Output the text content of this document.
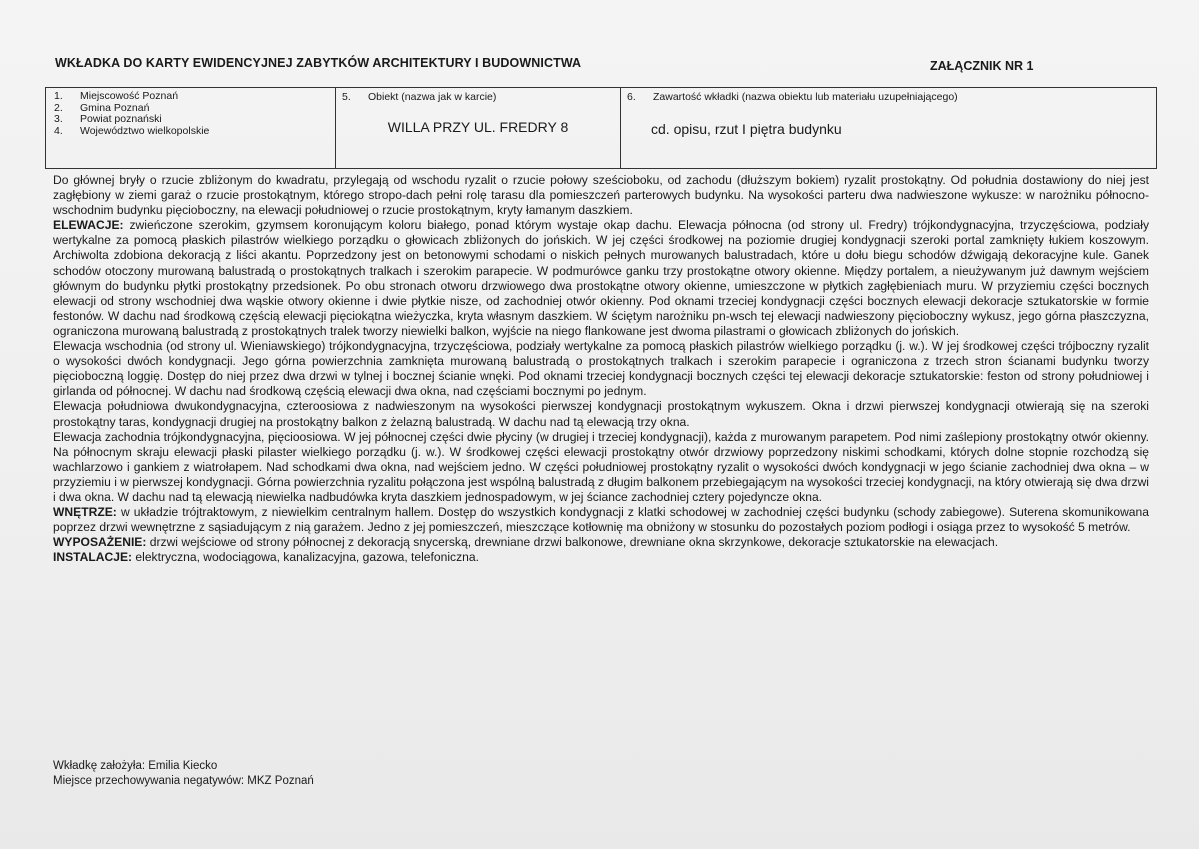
WKŁADKA DO KARTY EWIDENCYJNEJ ZABYTKÓW ARCHITEKTURY I BUDOWNICTWA	ZAŁĄCZNIK NR 1
1.	Miejscowość Poznań
2.	Gmina Poznań
3.	Powiat poznański
4.	Województwo wielkopolskie
5.	Obiekt (nazwa jak w karcie)
WILLA PRZY UL. FREDRY 8
6.	Zawartość wkładki (nazwa obiektu lub materiału uzupełniającego)
cd. opisu, rzut I piętra budynku

Do głównej bryły o rzucie zbliżonym do kwadratu, przylegają od wschodu ryzalit o rzucie połowy sześcioboku, od zachodu (dłuższym bokiem) ryzalit prostokątny. Od południa dostawiony do niej jest zagłębiony w ziemi garaż o rzucie prostokątnym, którego stropo-dach pełni rolę tarasu dla pomieszczeń parterowych budynku. Na wysokości parteru dwa nadwieszone wykusze: w narożniku północno-wschodnim budynku pięcioboczny, na elewacji południowej o rzucie prostokątnym, kryty łamanym daszkiem.

ELEWACJE: zwieńczone szerokim, gzymsem koronującym koloru białego, ponad którym wystaje okap dachu. Elewacja północna (od strony ul. Fredry) trójkondygnacyjna, trzyczęściowa, podziały wertykalne za pomocą płaskich pilastrów wielkiego porządku o głowicach zbliżonych do jońskich. W jej części środkowej na poziomie drugiej kondygnacji szeroki portal zamknięty łukiem koszowym. Archiwolta zdobiona dekoracją z liści akantu. Poprzedzony jest on betonowymi schodami o niskich pełnych murowanych balustradach, które u dołu biegu schodów dźwigają dekoracyjne kule. Ganek schodów otoczony murowaną balustradą o prostokątnych tralkach i szerokim parapecie. W podmurówce ganku trzy prostokątne otwory okienne. Między portalem, a nieużywanym już dawnym wejściem głównym do budynku płytki prostokątny przedsionek. Po obu stronach otworu drzwiowego dwa prostokątne otwory okienne, umieszczone w płytkich zagłębieniach muru. W przyziemiu części bocznych elewacji od strony wschodniej dwa wąskie otwory okienne i dwie płytkie nisze, od zachodniej otwór okienny. Pod oknami trzeciej kondygnacji części bocznych elewacji dekoracje sztukatorskie w formie festonów. W dachu nad środkową częścią elewacji pięciokątna wieżyczka, kryta własnym daszkiem. W ściętym narożniku pn-wsch tej elewacji nadwieszony pięcioboczny wykusz, jego górna płaszczyzna, ograniczona murowaną balustradą z prostokątnych tralek tworzy niewielki balkon, wyjście na niego flankowane jest dwoma pilastrami o głowicach zbliżonych do jońskich.

Elewacja wschodnia (od strony ul. Wieniawskiego) trójkondygnacyjna, trzyczęściowa, podziały wertykalne za pomocą płaskich pilastrów wielkiego porządku (j. w.). W jej środkowej części trójboczny ryzalit o wysokości dwóch kondygnacji. Jego górna powierzchnia zamknięta murowaną balustradą o prostokątnych tralkach i szerokim parapecie i ograniczona z trzech stron ścianami budynku tworzy pięcioboczną loggię. Dostęp do niej przez dwa drzwi w tylnej i bocznej ścianie wnęki. Pod oknami trzeciej kondygnacji bocznych części tej elewacji dekoracje sztukatorskie: feston od strony południowej i girlanda od północnej. W dachu nad środkową częścią elewacji dwa okna, nad częściami bocznymi po jednym.

Elewacja południowa dwukondygnacyjna, czteroosiowa z nadwieszonym na wysokości pierwszej kondygnacji prostokątnym wykuszem. Okna i drzwi pierwszej kondygnacji otwierają się na szeroki prostokątny taras, kondygnacji drugiej na prostokątny balkon z żelazną balustradą. W dachu nad tą elewacją trzy okna.

Elewacja zachodnia trójkondygnacyjna, pięcioosiowa. W jej północnej części dwie płyciny (w drugiej i trzeciej kondygnacji), każda z murowanym parapetem. Pod nimi zaślepiony prostokątny otwór okienny. Na północnym skraju elewacji płaski pilaster wielkiego porządku (j. w.). W środkowej części elewacji prostokątny otwór drzwiowy poprzedzony niskimi schodkami, których dolne stopnie rozchodzą się wachlarzowo i gankiem z wiatrołapem. Nad schodkami dwa okna, nad wejściem jedno. W części południowej prostokątny ryzalit o wysokości dwóch kondygnacji w jego ścianie zachodniej dwa okna – w przyziemiu i w pierwszej kondygnacji. Górna powierzchnia ryzalitu połączona jest wspólną balustradą z długim balkonem przebiegającym na wysokości trzeciej kondygnacji, na który otwierają się dwa drzwi i dwa okna. W dachu nad tą elewacją niewielka nadbudówka kryta daszkiem jednospadowym, w jej ściance zachodniej cztery pojedyncze okna.

WNĘTRZE: w układzie trójtraktowym, z niewielkim centralnym hallem. Dostęp do wszystkich kondygnacji z klatki schodowej w zachodniej części budynku (schody zabiegowe). Suterena skomunikowana poprzez drzwi wewnętrzne z sąsiadującym z nią garażem. Jedno z jej pomieszczeń, mieszczące kotłownię ma obniżony w stosunku do pozostałych poziom podłogi i osiąga przez to wysokość 5 metrów.

WYPOSAŻENIE: drzwi wejściowe od strony północnej z dekoracją snycerską, drewniane drzwi balkonowe, drewniane okna skrzynkowe, dekoracje sztukatorskie na elewacjach.

INSTALACJE: elektryczna, wodociągowa, kanalizacyjna, gazowa, telefoniczna.

Wkładkę założyła: Emilia Kiecko
Miejsce przechowywania negatywów: MKZ Poznań
